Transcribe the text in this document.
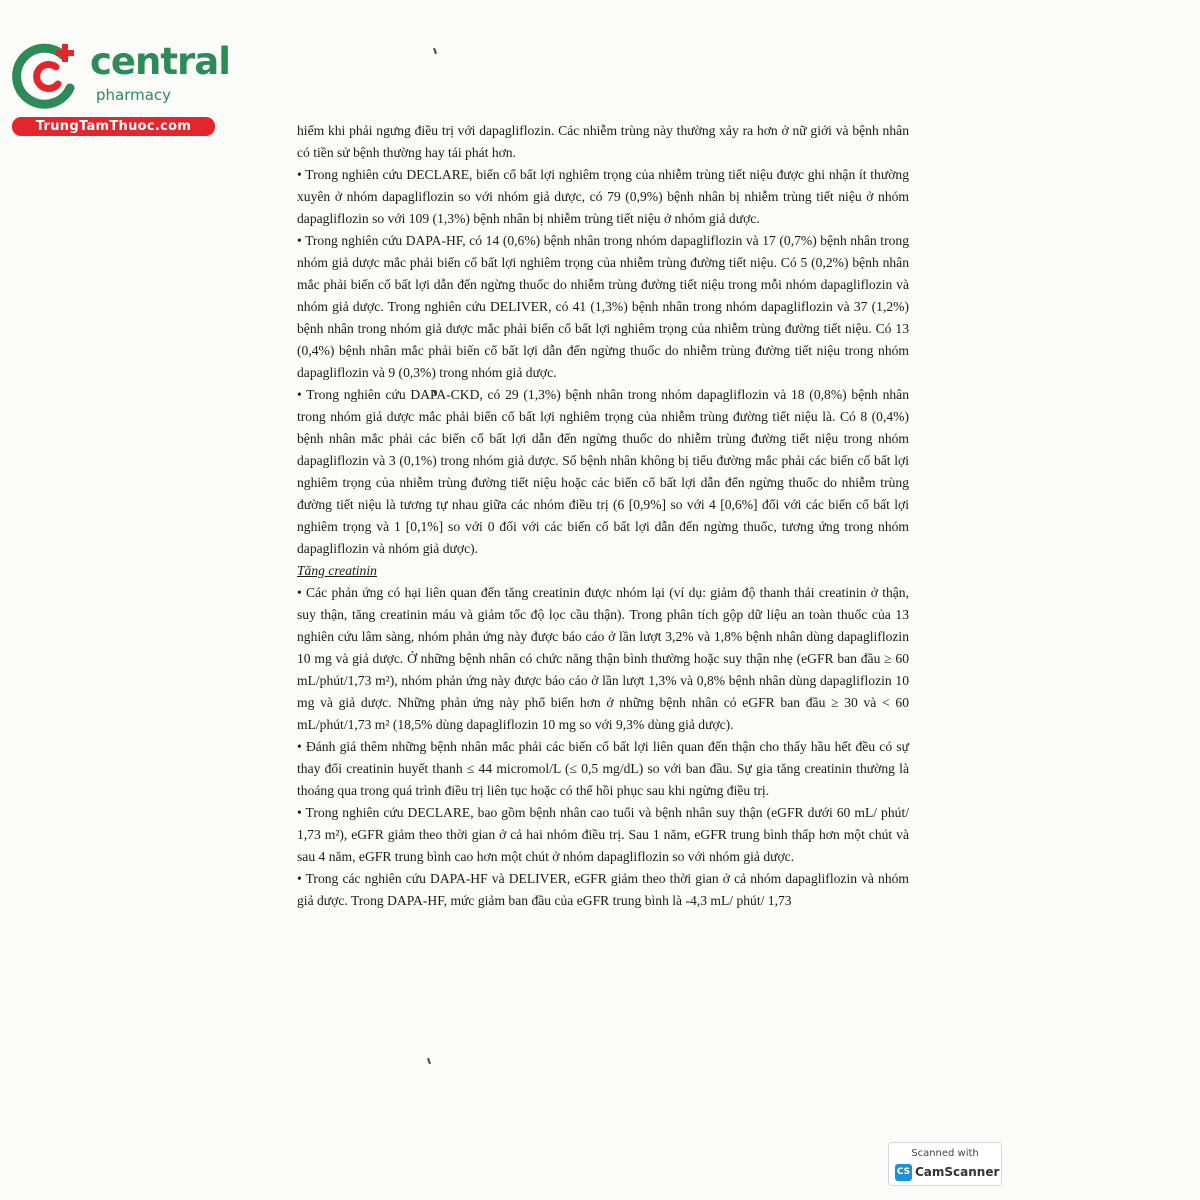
central
pharmacy
TrungTamThuoc.com	hiếm khi phải ngưng điều trị với dapagliflozin. Các nhiễm trùng này thường xảy ra hơn ở nữ giới và bệnh nhân có tiền sử bệnh thường hay tái phát hơn.

• Trong nghiên cứu DECLARE, biến cố bất lợi nghiêm trọng của nhiễm trùng tiết niệu được ghi nhận ít thường xuyên ở nhóm dapagliflozin so với nhóm giả dược, có 79 (0,9%) bệnh nhân bị nhiễm trùng tiết niệu ở nhóm dapagliflozin so với 109 (1,3%) bệnh nhân bị nhiễm trùng tiết niệu ở nhóm giả dược.

• Trong nghiên cứu DAPA-HF, có 14 (0,6%) bệnh nhân trong nhóm dapagliflozin và 17 (0,7%) bệnh nhân trong nhóm giả dược mắc phải biến cố bất lợi nghiêm trọng của nhiễm trùng đường tiết niệu. Có 5 (0,2%) bệnh nhân mắc phải biến cố bất lợi dẫn đến ngừng thuốc do nhiễm trùng đường tiết niệu trong mỗi nhóm dapagliflozin và nhóm giả dược. Trong nghiên cứu DELIVER, có 41 (1,3%) bệnh nhân trong nhóm dapagliflozin và 37 (1,2%) bệnh nhân trong nhóm giả dược mắc phải biến cố bất lợi nghiêm trọng của nhiễm trùng đường tiết niệu. Có 13 (0,4%) bệnh nhân mắc phải biến cố bất lợi dẫn đến ngừng thuốc do nhiễm trùng đường tiết niệu trong nhóm dapagliflozin và 9 (0,3%) trong nhóm giả dược.

• Trong nghiên cứu DAPA-CKD, có 29 (1,3%) bệnh nhân trong nhóm dapagliflozin và 18 (0,8%) bệnh nhân trong nhóm giả dược mắc phải biến cố bất lợi nghiêm trọng của nhiễm trùng đường tiết niệu là. Có 8 (0,4%) bệnh nhân mắc phải các biến cố bất lợi dẫn đến ngừng thuốc do nhiễm trùng đường tiết niệu trong nhóm dapagliflozin và 3 (0,1%) trong nhóm giả dược. Số bệnh nhân không bị tiểu đường mắc phải các biến cố bất lợi nghiêm trọng của nhiễm trùng đường tiết niệu hoặc các biến cố bất lợi dẫn đến ngừng thuốc do nhiễm trùng đường tiết niệu là tương tự nhau giữa các nhóm điều trị (6 [0,9%] so với 4 [0,6%] đối với các biến cố bất lợi nghiêm trọng và 1 [0,1%] so với 0 đối với các biến cố bất lợi dẫn đến ngừng thuốc, tương ứng trong nhóm dapagliflozin và nhóm giả dược).

Tăng creatinin

• Các phản ứng có hại liên quan đến tăng creatinin được nhóm lại (ví dụ: giảm độ thanh thải creatinin ở thận, suy thận, tăng creatinin máu và giảm tốc độ lọc cầu thận). Trong phân tích gộp dữ liệu an toàn thuốc của 13 nghiên cứu lâm sàng, nhóm phản ứng này được báo cáo ở lần lượt 3,2% và 1,8% bệnh nhân dùng dapagliflozin 10 mg và giả dược. Ở những bệnh nhân có chức năng thận bình thường hoặc suy thận nhẹ (eGFR ban đầu ≥ 60 mL/phút/1,73 m²), nhóm phản ứng này được báo cáo ở lần lượt 1,3% và 0,8% bệnh nhân dùng dapagliflozin 10 mg và giả dược. Những phản ứng này phổ biến hơn ở những bệnh nhân có eGFR ban đầu ≥ 30 và < 60 mL/phút/1,73 m² (18,5% dùng dapagliflozin 10 mg so với 9,3% dùng giả dược).

• Đánh giá thêm những bệnh nhân mắc phải các biến cố bất lợi liên quan đến thận cho thấy hầu hết đều có sự thay đổi creatinin huyết thanh ≤ 44 micromol/L (≤ 0,5 mg/dL) so với ban đầu. Sự gia tăng creatinin thường là thoáng qua trong quá trình điều trị liên tục hoặc có thể hồi phục sau khi ngừng điều trị.

• Trong nghiên cứu DECLARE, bao gồm bệnh nhân cao tuổi và bệnh nhân suy thận (eGFR dưới 60 mL/ phút/ 1,73 m²), eGFR giảm theo thời gian ở cả hai nhóm điều trị. Sau 1 năm, eGFR trung bình thấp hơn một chút và sau 4 năm, eGFR trung bình cao hơn một chút ở nhóm dapagliflozin so với nhóm giả dược.

• Trong các nghiên cứu DAPA-HF và DELIVER, eGFR giảm theo thời gian ở cả nhóm dapagliflozin và nhóm giả dược. Trong DAPA-HF, mức giảm ban đầu của eGFR trung bình là -4,3 mL/ phút/ 1,73

Scanned with
CS CamScanner
